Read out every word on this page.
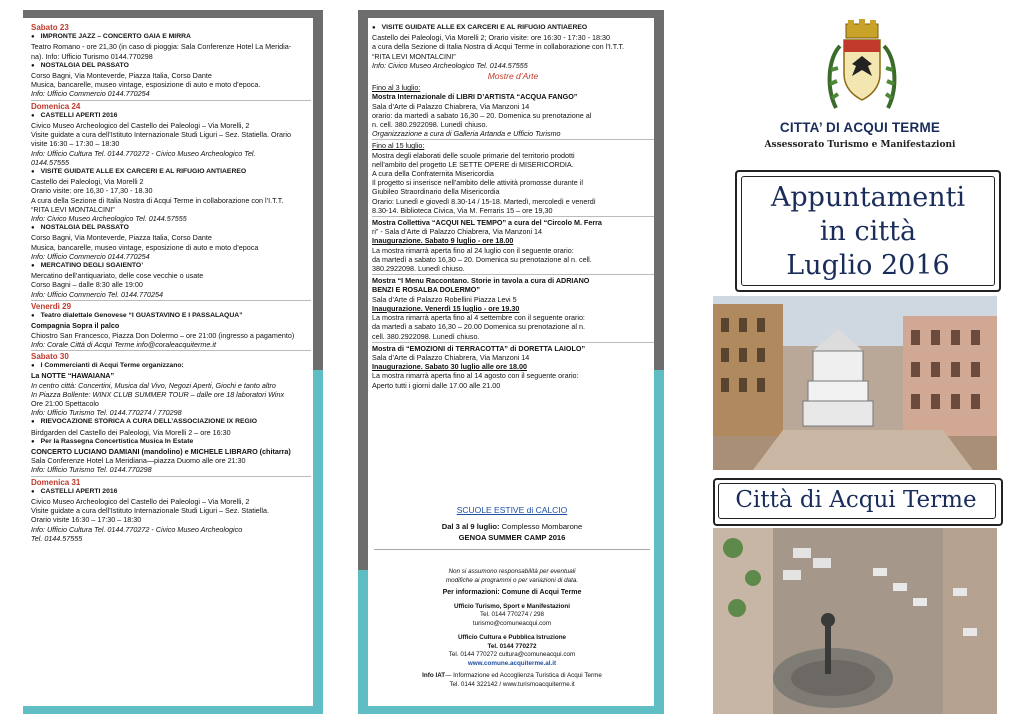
Sabato 23
● IMPRONTE JAZZ – CONCERTO GAIA E MIRRA
Teatro Romano - ore 21,30 (in caso di pioggia: Sala Conferenze Hotel La Meridia-
na). Info: Ufficio Turismo 0144.770298
● NOSTALGIA DEL PASSATO
Corso Bagni, Via Monteverde, Piazza Italia, Corso Dante
Musica, bancarelle, museo vintage, esposizione di auto e moto d’epoca.
Info: Ufficio Commercio 0144.770254
Domenica 24
● CASTELLI APERTI 2016
Civico Museo Archeologico del Castello dei Paleologi – Via Morelli, 2
Visite guidate a cura dell’Istituto Internazionale Studi Liguri – Sez. Statiella. Orario
visite 16:30 – 17:30 – 18:30
Info: Ufficio Cultura Tel. 0144.770272 - Civico Museo Archeologico Tel.
0144.57555
● VISITE GUIDATE ALLE EX CARCERI E AL RIFUGIO ANTIAEREO
Castello dei Paleologi, Via Morelli 2
Orario visite: ore 16,30 - 17,30 - 18.30
A cura della Sezione di Italia Nostra di Acqui Terme in collaborazione con l’I.T.T.
“RITA LEVI MONTALCINI”
Info: Civico Museo Archeologico Tel. 0144.57555
● NOSTALGIA DEL PASSATO
Corso Bagni, Via Monteverde, Piazza Italia, Corso Dante
Musica, bancarelle, museo vintage, esposizione di auto e moto d’epoca
Info: Ufficio Commercio 0144.770254
● MERCATINO DEGLI SGAIENTO’
Mercatino dell’antiquariato, delle cose vecchie o usate
Corso Bagni – dalle 8:30 alle 19:00
Info: Ufficio Commercio Tel. 0144.770254
Venerdì 29
● Teatro dialettale Genovese “I GUASTAVINO E I PASSALAQUA”
Compagnia Sopra il palco
Chiostro San Francesco, Piazza Don Dolermo – ore 21:00 (ingresso a pagamento)
Info: Corale Città di Acqui Terme info@coraleacquiterme.it
Sabato 30
● I Commercianti di Acqui Terme organizzano:
La NOTTE “HAWAIANA”
In centro città: Concertini, Musica dal Vivo, Negozi Aperti, Giochi e tanto altro
In Piazza Bollente: WINX CLUB SUMMER TOUR – dalle ore 18 laboratori Winx
Ore 21:00 Spettacolo
Info: Ufficio Turismo Tel. 0144.770274 / 770298
● RIEVOCAZIONE STORICA A CURA DELL’ASSOCIAZIONE IX REGIO
Birdgarden del Castello dei Paleologi, Via Morelli 2 – ore 16:30
● Per la Rassegna Concertistica Musica In Estate
CONCERTO LUCIANO DAMIANI (mandolino) e MICHELE LIBRARO (chitarra)
Sala Conferenze Hotel La Meridiana—piazza Duomo alle ore 21:30
Info: Ufficio Turismo Tel. 0144.770298
Domenica 31
● CASTELLI APERTI 2016
Civico Museo Archeologico del Castello dei Paleologi – Via Morelli, 2
Visite guidate a cura dell’Istituto Internazionale Studi Liguri – Sez. Statiella.
Orario visite 16:30 – 17:30 – 18:30
Info: Ufficio Cultura Tel. 0144.770272 - Civico Museo Archeologico
Tel. 0144.57555
● VISITE GUIDATE ALLE EX CARCERI E AL RIFUGIO ANTIAEREO
Castello dei Paleologi, Via Morelli 2; Orario visite: ore 16:30 - 17:30 - 18:30
a cura della Sezione di Italia Nostra di Acqui Terme in collaborazione con l’I.T.T.
“RITA LEVI MONTALCINI”
Info: Civico Museo Archeologico Tel. 0144.57555
Mostre d’Arte
Fino al 3 luglio:
Mostra Internazionale di LIBRI D’ARTISTA “ACQUA FANGO”
Sala d’Arte di Palazzo Chiabrera, Via Manzoni 14
orario: da martedì a sabato 16,30 – 20. Domenica su prenotazione al
n. cell. 380.2922098. Lunedì chiuso.
Organizzazione a cura di Galleria Artanda e Ufficio Turismo
Fino al 15 luglio:
Mostra degli elaborati delle scuole primarie del territorio prodotti
nell’ambito del progetto LE SETTE OPERE di MISERICORDIA.
A cura della Confraternita Misericordia
Il progetto si inserisce nell’ambito delle attività promosse durante il
Giubileo Straordinario della Misericordia
Orario: Lunedì e giovedì 8.30-14 / 15-18. Martedì, mercoledì e venerdì
8.30-14. Biblioteca Civica, Via M. Ferraris 15 – ore 19,30
Mostra Collettiva “ACQUI NEL TEMPO” a cura del “Circolo M. Ferra
ri” - Sala d’Arte di Palazzo Chiabrera, Via Manzoni 14
Inaugurazione. Sabato 9 luglio - ore 18.00
La mostra rimarrà aperta fino al 24 luglio con il seguente orario:
da martedì a sabato 16,30 – 20. Domenica su prenotazione al n. cell.
380.2922098. Lunedì chiuso.
Mostra “I Menu Raccontano. Storie in tavola a cura di ADRIANO
BENZI E ROSALBA DOLERMO”
Sala d’Arte di Palazzo Robellini Piazza Levi 5
Inaugurazione. Venerdì 15 luglio - ore 19.30
La mostra rimarrà aperta fino al 4 settembre con il seguente orario:
da martedì a sabato 16,30 – 20.00 Domenica su prenotazione al n.
cell. 380.2922098. Lunedì chiuso.
Mostra di “EMOZIONI di TERRACOTTA” di DORETTA LAIOLO”
Sala d’Arte di Palazzo Chiabrera, Via Manzoni 14
Inaugurazione. Sabato 30 luglio alle ore 18.00
La mostra rimarrà aperta fino al 14 agosto con il seguente orario:
Aperto tutti i giorni dalle 17.00 alle 21.00
SCUOLE ESTIVE di CALCIO
Dal 3 al 9 luglio: Complesso Mombarone
GENOA SUMMER CAMP 2016
Non si assumono responsabilità per eventuali
modifiche ai programmi o per variazioni di data.
Per informazioni: Comune di Acqui Terme
Ufficio Turismo, Sport e Manifestazioni
Tel. 0144 770274 / 298
turismo@comuneacqui.com
Ufficio Cultura e Pubblica Istruzione
Tel. 0144 770272
Tel. 0144 770272 cultura@comuneacqui.com
www.comune.acquiterme.al.it
Info IAT— Informazione ed Accoglienza Turistica di Acqui Terme
Tel. 0144 322142 / www.turismoacquiterme.it
CITTA’ DI ACQUI TERME
Assessorato Turismo e Manifestazioni
Appuntamenti
in città
Luglio 2016
Città di Acqui Terme
